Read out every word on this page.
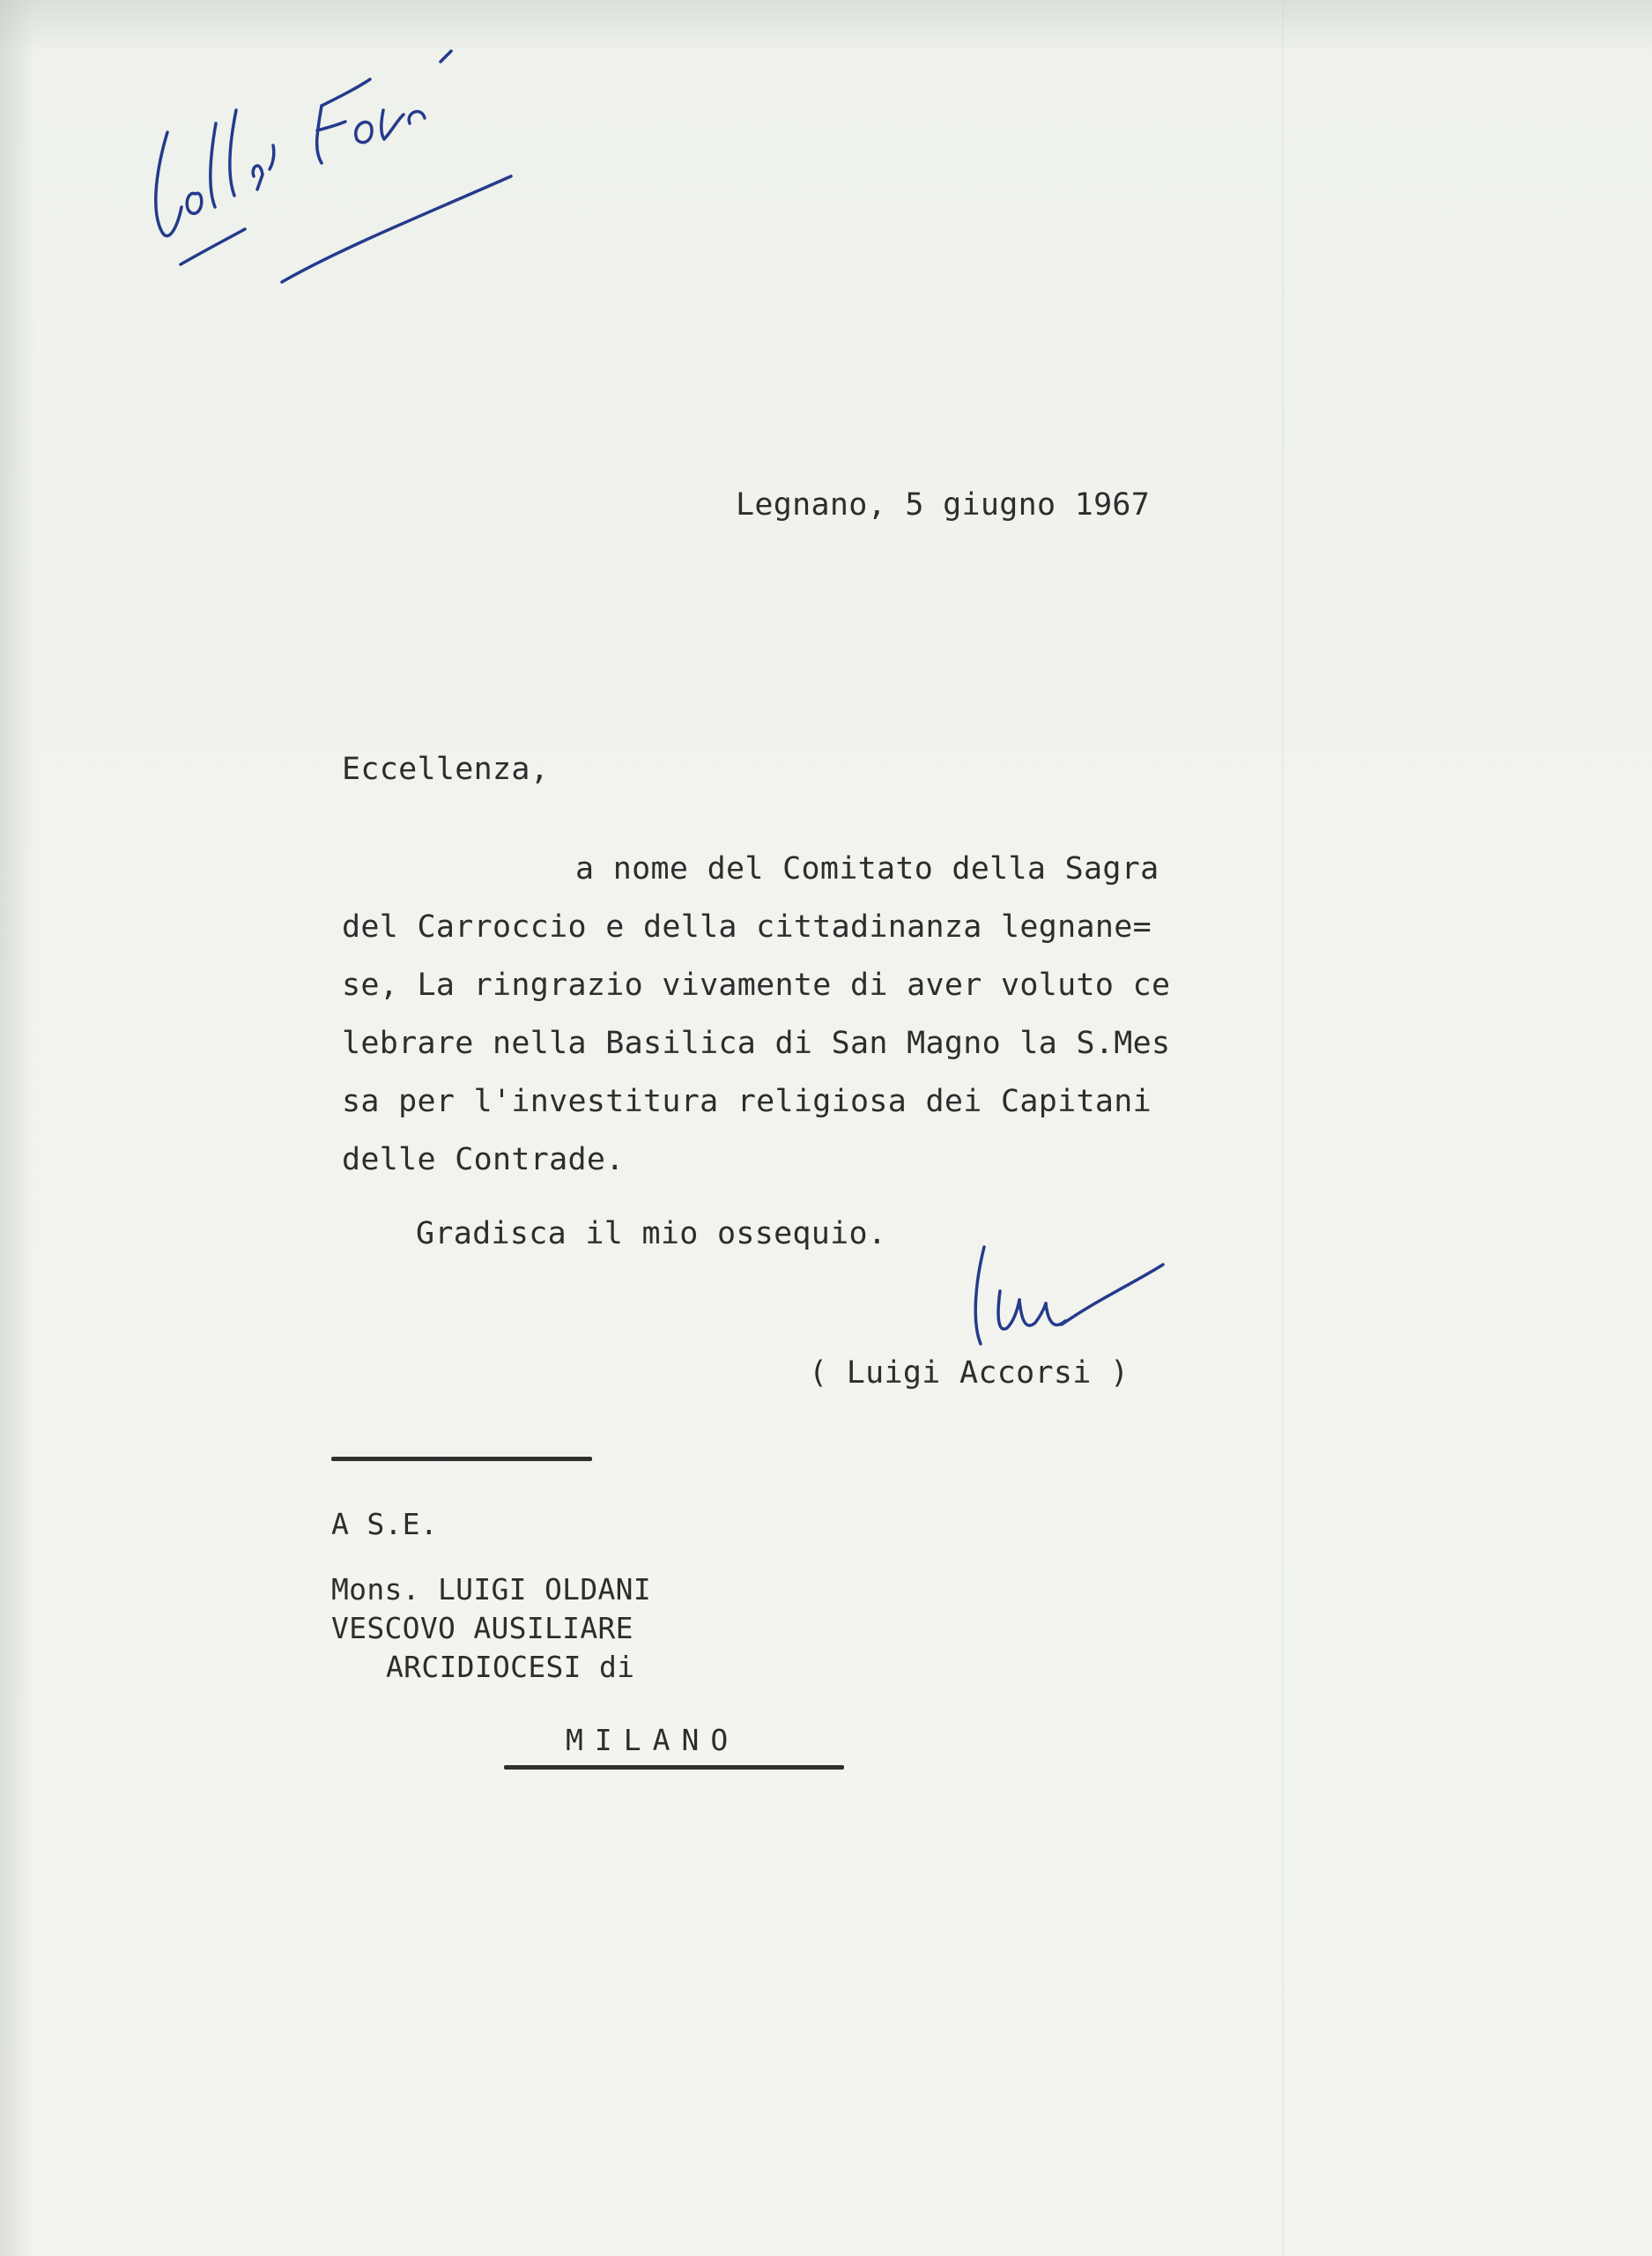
Legnano, 5 giugno 1967
Eccellenza,
a nome del Comitato della Sagra
del Carroccio e della cittadinanza legnane=
se, La ringrazio vivamente di aver voluto ce
lebrare nella Basilica di San Magno la S.Mes
sa per l'investitura religiosa dei Capitani
delle Contrade.
Gradisca il mio ossequio.
( Luigi Accorsi )
A S.E.
Mons. LUIGI OLDANI
VESCOVO AUSILIARE
ARCIDIOCESI di
MILANO
